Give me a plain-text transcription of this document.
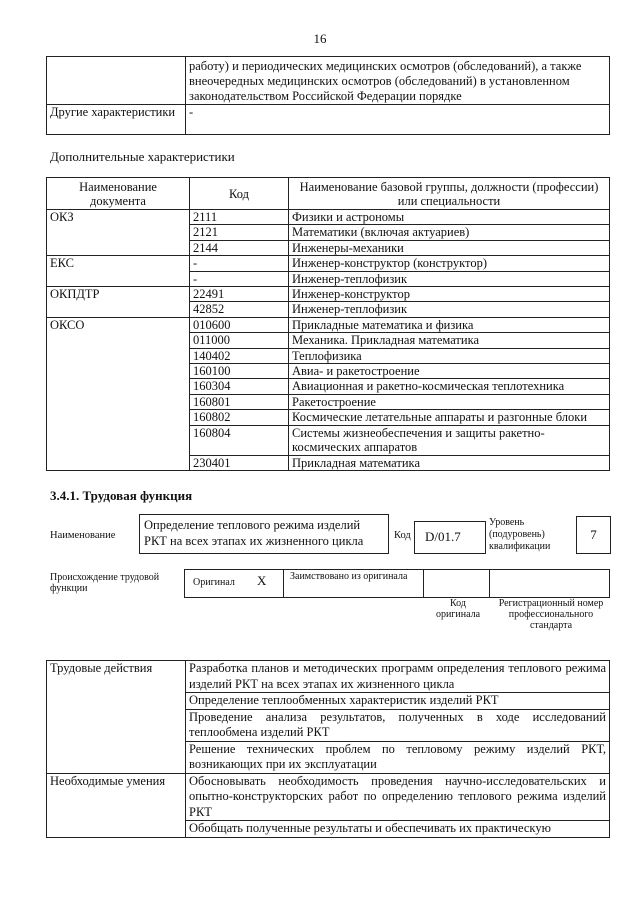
16
	работу) и периодических медицинских осмотров (обследований), а также внеочередных медицинских осмотров (обследований) в установленном законодательством Российской Федерации порядке
Другие характеристики	-
Дополнительные характеристики
Наименование документа	Код	Наименование базовой группы, должности (профессии) или специальности
ОКЗ	2111	Физики и астрономы
	2121	Математики (включая актуариев)
	2144	Инженеры-механики
ЕКС	-	Инженер-конструктор (конструктор)
	-	Инженер-теплофизик
ОКПДТР	22491	Инженер-конструктор
	42852	Инженер-теплофизик
ОКСО	010600	Прикладные математика и физика
	011000	Механика. Прикладная математика
	140402	Теплофизика
	160100	Авиа- и ракетостроение
	160304	Авиационная и ракетно-космическая теплотехника
	160801	Ракетостроение
	160802	Космические летательные аппараты и разгонные блоки
	160804	Системы жизнеобеспечения и защиты ракетно-космических аппаратов
	230401	Прикладная математика
3.4.1. Трудовая функция
Наименование
Определение теплового режима изделий РКТ на всех этапах их жизненного цикла	Код	D/01.7
Уровень (подуровень) квалификации
7
Происхождение трудовой функции
Оригинал X Заимствовано из оригинала
Код оригинала
Регистрационный номер профессионального стандарта
Трудовые действия	Разработка планов и методических программ определения теплового режима изделий РКТ на всех этапах их жизненного цикла
	Определение теплообменных характеристик изделий РКТ
	Проведение анализа результатов, полученных в ходе исследований теплообмена изделий РКТ
	Решение технических проблем по тепловому режиму изделий РКТ, возникающих при их эксплуатации
Необходимые умения	Обосновывать необходимость проведения научно-исследовательских и опытно-конструкторских работ по определению теплового режима изделий РКТ
	Обобщать полученные результаты и обеспечивать их практическую
